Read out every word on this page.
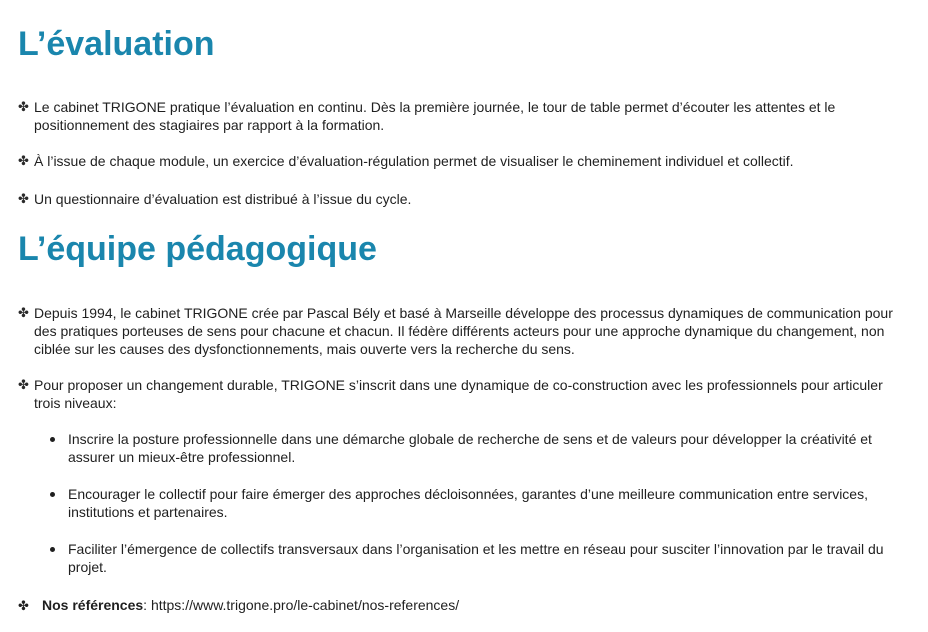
L’évaluation
✤ Le cabinet TRIGONE pratique l’évaluation en continu. Dès la première journée, le tour de table permet d’écouter les attentes et le positionnement des stagiaires par rapport à la formation.
✤ À l’issue de chaque module, un exercice d’évaluation-régulation permet de visualiser le cheminement individuel et collectif.
✤ Un questionnaire d’évaluation est distribué à l’issue du cycle.
L’équipe pédagogique
✤ Depuis 1994, le cabinet TRIGONE crée par Pascal Bély et basé à Marseille développe des processus dynamiques de communication pour des pratiques porteuses de sens pour chacune et chacun. Il fédère différents acteurs pour une approche dynamique du changement, non ciblée sur les causes des dysfonctionnements, mais ouverte vers la recherche du sens.
✤ Pour proposer un changement durable, TRIGONE s’inscrit dans une dynamique de co-construction avec les professionnels pour articuler trois niveaux:
Inscrire la posture professionnelle dans une démarche globale de recherche de sens et de valeurs pour développer la créativité et assurer un mieux-être professionnel.
Encourager le collectif pour faire émerger des approches décloisonnées, garantes d’une meilleure communication entre services, institutions et partenaires.
Faciliter l’émergence de collectifs transversaux dans l’organisation et les mettre en réseau pour susciter l’innovation par le travail du projet.
✤ Nos références: https://www.trigone.pro/le-cabinet/nos-references/
